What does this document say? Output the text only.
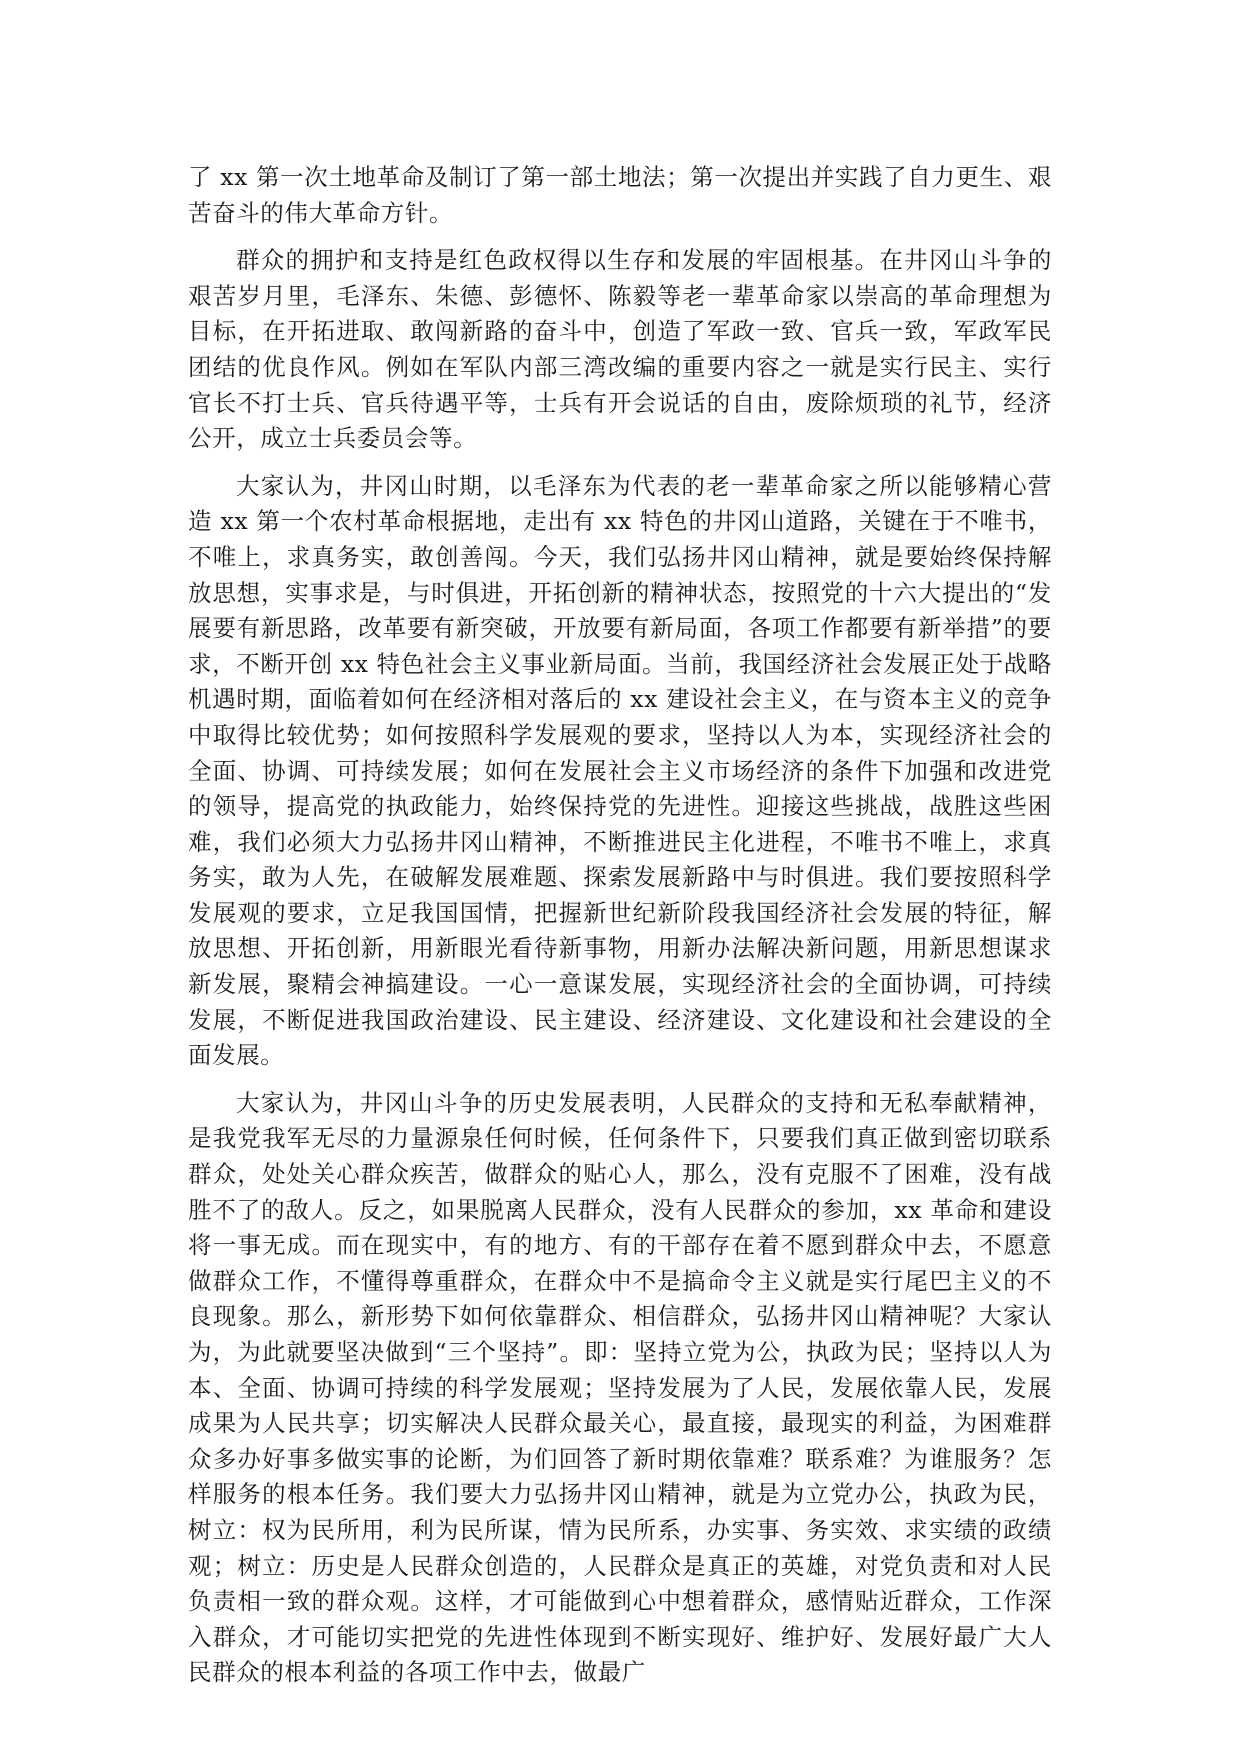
了 xx 第一次土地革命及制订了第一部土地法；第一次提出并实践了自力更生、艰苦奋斗的伟大革命方针。

群众的拥护和支持是红色政权得以生存和发展的牢固根基。在井冈山斗争的艰苦岁月里，毛泽东、朱德、彭德怀、陈毅等老一辈革命家以崇高的革命理想为目标，在开拓进取、敢闯新路的奋斗中，创造了军政一致、官兵一致，军政军民团结的优良作风。例如在军队内部三湾改编的重要内容之一就是实行民主、实行官长不打士兵、官兵待遇平等，士兵有开会说话的自由，废除烦琐的礼节，经济公开，成立士兵委员会等。

大家认为，井冈山时期，以毛泽东为代表的老一辈革命家之所以能够精心营造 xx 第一个农村革命根据地，走出有 xx 特色的井冈山道路，关键在于不唯书，不唯上，求真务实，敢创善闯。今天，我们弘扬井冈山精神，就是要始终保持解放思想，实事求是，与时俱进，开拓创新的精神状态，按照党的十六大提出的“发展要有新思路，改革要有新突破，开放要有新局面，各项工作都要有新举措”的要求，不断开创 xx 特色社会主义事业新局面。当前，我国经济社会发展正处于战略机遇时期，面临着如何在经济相对落后的 xx 建设社会主义，在与资本主义的竞争中取得比较优势；如何按照科学发展观的要求，坚持以人为本，实现经济社会的全面、协调、可持续发展；如何在发展社会主义市场经济的条件下加强和改进党的领导，提高党的执政能力，始终保持党的先进性。迎接这些挑战，战胜这些困难，我们必须大力弘扬井冈山精神，不断推进民主化进程，不唯书不唯上，求真务实，敢为人先，在破解发展难题、探索发展新路中与时俱进。我们要按照科学发展观的要求，立足我国国情，把握新世纪新阶段我国经济社会发展的特征，解放思想、开拓创新，用新眼光看待新事物，用新办法解决新问题，用新思想谋求新发展，聚精会神搞建设。一心一意谋发展，实现经济社会的全面协调，可持续发展，不断促进我国政治建设、民主建设、经济建设、文化建设和社会建设的全面发展。

大家认为，井冈山斗争的历史发展表明，人民群众的支持和无私奉献精神，是我党我军无尽的力量源泉任何时候，任何条件下，只要我们真正做到密切联系群众，处处关心群众疾苦，做群众的贴心人，那么，没有克服不了困难，没有战胜不了的敌人。反之，如果脱离人民群众，没有人民群众的参加，xx 革命和建设将一事无成。而在现实中，有的地方、有的干部存在着不愿到群众中去，不愿意做群众工作，不懂得尊重群众，在群众中不是搞命令主义就是实行尾巴主义的不良现象。那么，新形势下如何依靠群众、相信群众，弘扬井冈山精神呢？大家认为，为此就要坚决做到“三个坚持”。即：坚持立党为公，执政为民；坚持以人为本、全面、协调可持续的科学发展观；坚持发展为了人民，发展依靠人民，发展成果为人民共享；切实解决人民群众最关心，最直接，最现实的利益，为困难群众多办好事多做实事的论断，为们回答了新时期依靠难？联系难？为谁服务？怎样服务的根本任务。我们要大力弘扬井冈山精神，就是为立党办公，执政为民，树立：权为民所用，利为民所谋，情为民所系，办实事、务实效、求实绩的政绩观；树立：历史是人民群众创造的，人民群众是真正的英雄，对党负责和对人民负责相一致的群众观。这样，才可能做到心中想着群众，感情贴近群众，工作深入群众，才可能切实把党的先进性体现到不断实现好、维护好、发展好最广大人民群众的根本利益的各项工作中去，做最广
